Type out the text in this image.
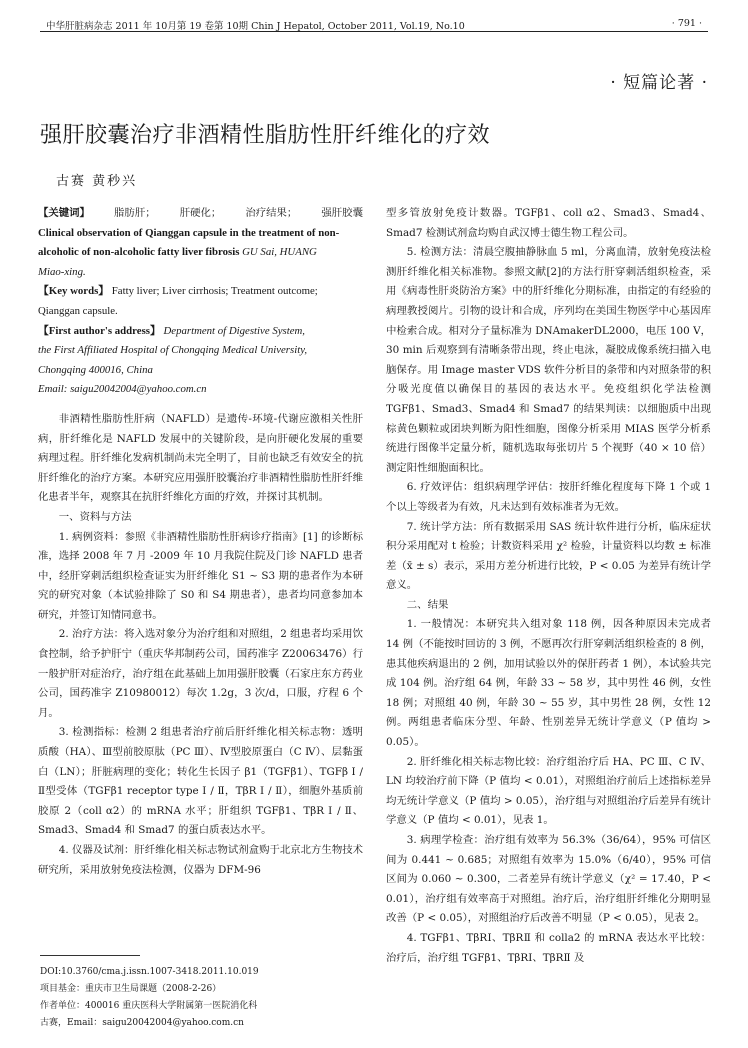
中华肝脏病杂志 2011 年 10月第 19 卷第 10期 Chin J Hepatol, October 2011, Vol.19, No.10	· 791 ·
· 短篇论著 ·
强肝胶囊治疗非酒精性脂肪性肝纤维化的疗效
古赛 黄秒兴
【关键词】 脂肪肝； 肝硬化； 治疗结果； 强肝胶囊

Clinical observation of Qianggan capsule in the treatment of non-
alcoholic of non-alcoholic fatty liver fibrosis GU Sai, HUANG
Miao-xing.

【Key words】 Fatty liver; Liver cirrhosis; Treatment outcome;
Qianggan capsule.

【First author's address】 Department of Digestive System,
the First Affiliated Hospital of Chongqing Medical University,
Chongqing 400016, China
Email: saigu20042004@yahoo.com.cn

非酒精性脂肪性肝病（NAFLD）是遗传-环境-代谢应激相关性肝病，肝纤维化是 NAFLD 发展中的关键阶段，是向肝硬化发展的重要病理过程。肝纤维化发病机制尚未完全明了，目前也缺乏有效安全的抗肝纤维化的治疗方案。本研究应用强肝胶囊治疗非酒精性脂肪性肝纤维化患者半年，观察其在抗肝纤维化方面的疗效，并探讨其机制。

一、资料与方法

1. 病例资料：参照《非酒精性脂肪性肝病诊疗指南》[1] 的诊断标准，选择 2008 年 7 月 -2009 年 10 月我院住院及门诊 NAFLD 患者中，经肝穿刺活组织检查证实为肝纤维化 S1 ~ S3 期的患者作为本研究的研究对象（本试验排除了 S0 和 S4 期患者），患者均同意参加本研究，并签订知情同意书。

2. 治疗方法：将入选对象分为治疗组和对照组，2 组患者均采用饮食控制，给予护肝宁（重庆华邦制药公司，国药准字 Z20063476）行一般护肝对症治疗，治疗组在此基础上加用强肝胶囊（石家庄东方药业公司，国药准字 Z10980012）每次 1.2g，3 次/d，口服，疗程 6 个月。

3. 检测指标：检测 2 组患者治疗前后肝纤维化相关标志物：透明质酸（HA）、Ⅲ型前胶原肽（PC Ⅲ）、Ⅳ型胶原蛋白（C Ⅳ）、层黏蛋白（LN）；肝脏病理的变化；转化生长因子 β1（TGFβ1）、TGFβ Ⅰ / Ⅱ型受体（TGFβ1 receptor type Ⅰ / Ⅱ，TβR Ⅰ / Ⅱ），细胞外基质前胶原 2（coll α2）的 mRNA 水平；肝组织 TGFβ1、TβR Ⅰ / Ⅱ、Smad3、Smad4 和 Smad7 的蛋白质表达水平。

4. 仪器及试剂：肝纤维化相关标志物试剂盒购于北京北方生物技术研究所，采用放射免疫法检测，仪器为 DFM-96

型多管放射免疫计数器。TGFβ1、coll α2、Smad3、Smad4、Smad7 检测试剂盒均购自武汉博士德生物工程公司。

5. 检测方法：清晨空腹抽静脉血 5 ml，分离血清，放射免疫法检测肝纤维化相关标准物。参照文献[2]的方法行肝穿刺活组织检查，采用《病毒性肝炎防治方案》中的肝纤维化分期标准，由指定的有经验的病理教授阅片。引物的设计和合成，序列均在美国生物医学中心基因库中检索合成。相对分子量标准为 DNAmakerDL2000，电压 100 V，30 min 后观察到有清晰条带出现，终止电泳，凝胶成像系统扫描入电脑保存。用 Image master VDS 软件分析目的条带和内对照条带的积分吸光度值以确保目的基因的表达水平。免疫组织化学法检测 TGFβ1、Smad3、Smad4 和 Smad7 的结果判读：以细胞质中出现棕黄色颗粒或团块判断为阳性细胞，图像分析采用 MIAS 医学分析系统进行图像半定量分析，随机选取每张切片 5 个视野（40 × 10 倍）测定阳性细胞面积比。

6. 疗效评估：组织病理学评估：按肝纤维化程度每下降 1 个或 1 个以上等级者为有效，凡未达到有效标准者为无效。

7. 统计学方法：所有数据采用 SAS 统计软件进行分析，临床症状积分采用配对 t 检验；计数资料采用 χ² 检验，计量资料以均数 ± 标准差（x̄ ± s）表示，采用方差分析进行比较，P < 0.05 为差异有统计学意义。

二、结果

1. 一般情况：本研究共入组对象 118 例，因各种原因未完成者 14 例（不能按时回访的 3 例，不愿再次行肝穿刺活组织检查的 8 例，患其他疾病退出的 2 例，加用试验以外的保肝药者 1 例），本试验共完成 104 例。治疗组 64 例，年龄 33 ~ 58 岁，其中男性 46 例，女性 18 例；对照组 40 例，年龄 30 ~ 55 岁，其中男性 28 例，女性 12 例。两组患者临床分型、年龄、性别差异无统计学意义（P 值均 > 0.05）。

2. 肝纤维化相关标志物比较：治疗组治疗后 HA、PC Ⅲ、C Ⅳ、LN 均较治疗前下降（P 值均 < 0.01），对照组治疗前后上述指标差异均无统计学意义（P 值均 > 0.05），治疗组与对照组治疗后差异有统计学意义（P 值均 < 0.01），见表 1。

3. 病理学检查：治疗组有效率为 56.3%（36/64），95% 可信区间为 0.441 ~ 0.685；对照组有效率为 15.0%（6/40），95% 可信区间为 0.060 ~ 0.300，二者差异有统计学意义（χ² = 17.40，P < 0.01），治疗组有效率高于对照组。治疗后，治疗组肝纤维化分期明显改善（P < 0.05），对照组治疗后改善不明显（P < 0.05），见表 2。

4. TGFβ1、TβRⅠ、TβRⅡ 和 colla2 的 mRNA 表达水平比较：治疗后，治疗组 TGFβ1、TβRⅠ、TβRⅡ 及

DOI:10.3760/cma.j.issn.1007-3418.2011.10.019
项目基金：重庆市卫生局课题（2008-2-26）
作者单位：400016 重庆医科大学附属第一医院消化科
古赛，Email：saigu20042004@yahoo.com.cn
